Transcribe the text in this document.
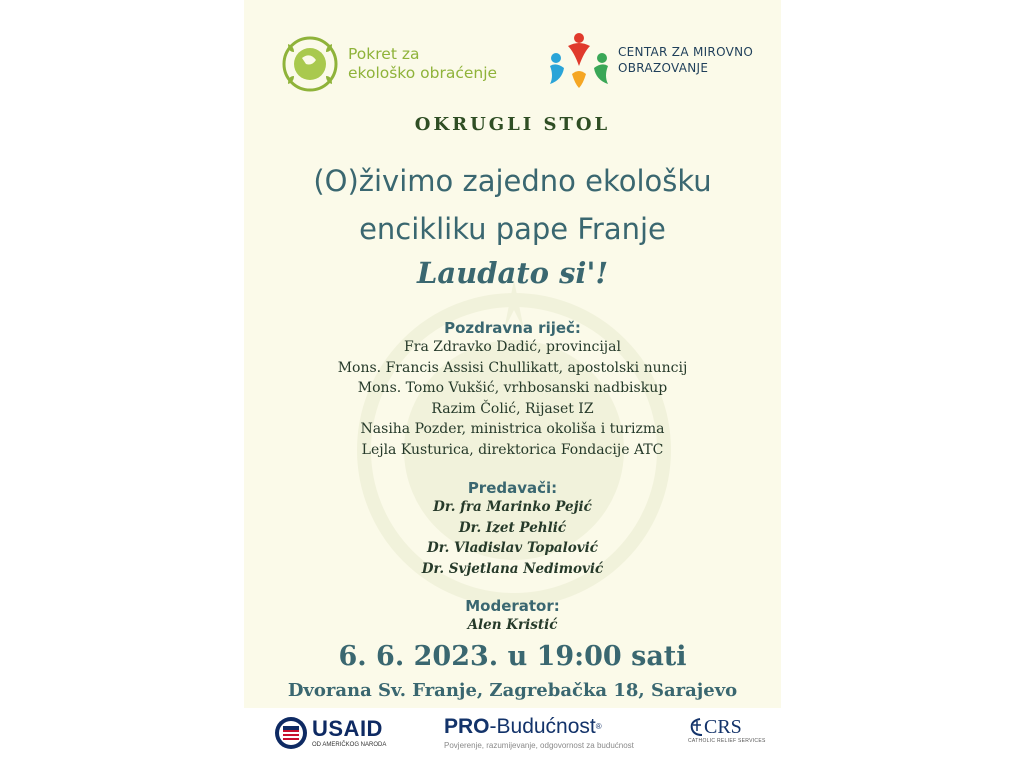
Pokret za
ekološko obraćenje
CENTAR ZA MIROVNO
OBRAZOVANJE
OKRUGLI STOL
(O)živimo zajedno ekološku
encikliku pape Franje
Laudato si'!
Pozdravna riječ:
Fra Zdravko Dadić, provincijal
Mons. Francis Assisi Chullikatt, apostolski nuncij
Mons. Tomo Vukšić, vrhbosanski nadbiskup
Razim Čolić, Rijaset IZ
Nasiha Pozder, ministrica okoliša i turizma
Lejla Kusturica, direktorica Fondacije ATC
Predavači:
Dr. fra Marinko Pejić
Dr. Izet Pehlić
Dr. Vladislav Topalović
Dr. Svjetlana Nedimović
Moderator:
Alen Kristić
6. 6. 2023. u 19:00 sati
Dvorana Sv. Franje, Zagrebačka 18, Sarajevo
USAID
OD AMERIČKOG NARODA
PRO-Budućnost®
Povjerenje, razumijevanje, odgovornost za budućnost
CRS
CATHOLIC RELIEF SERVICES
